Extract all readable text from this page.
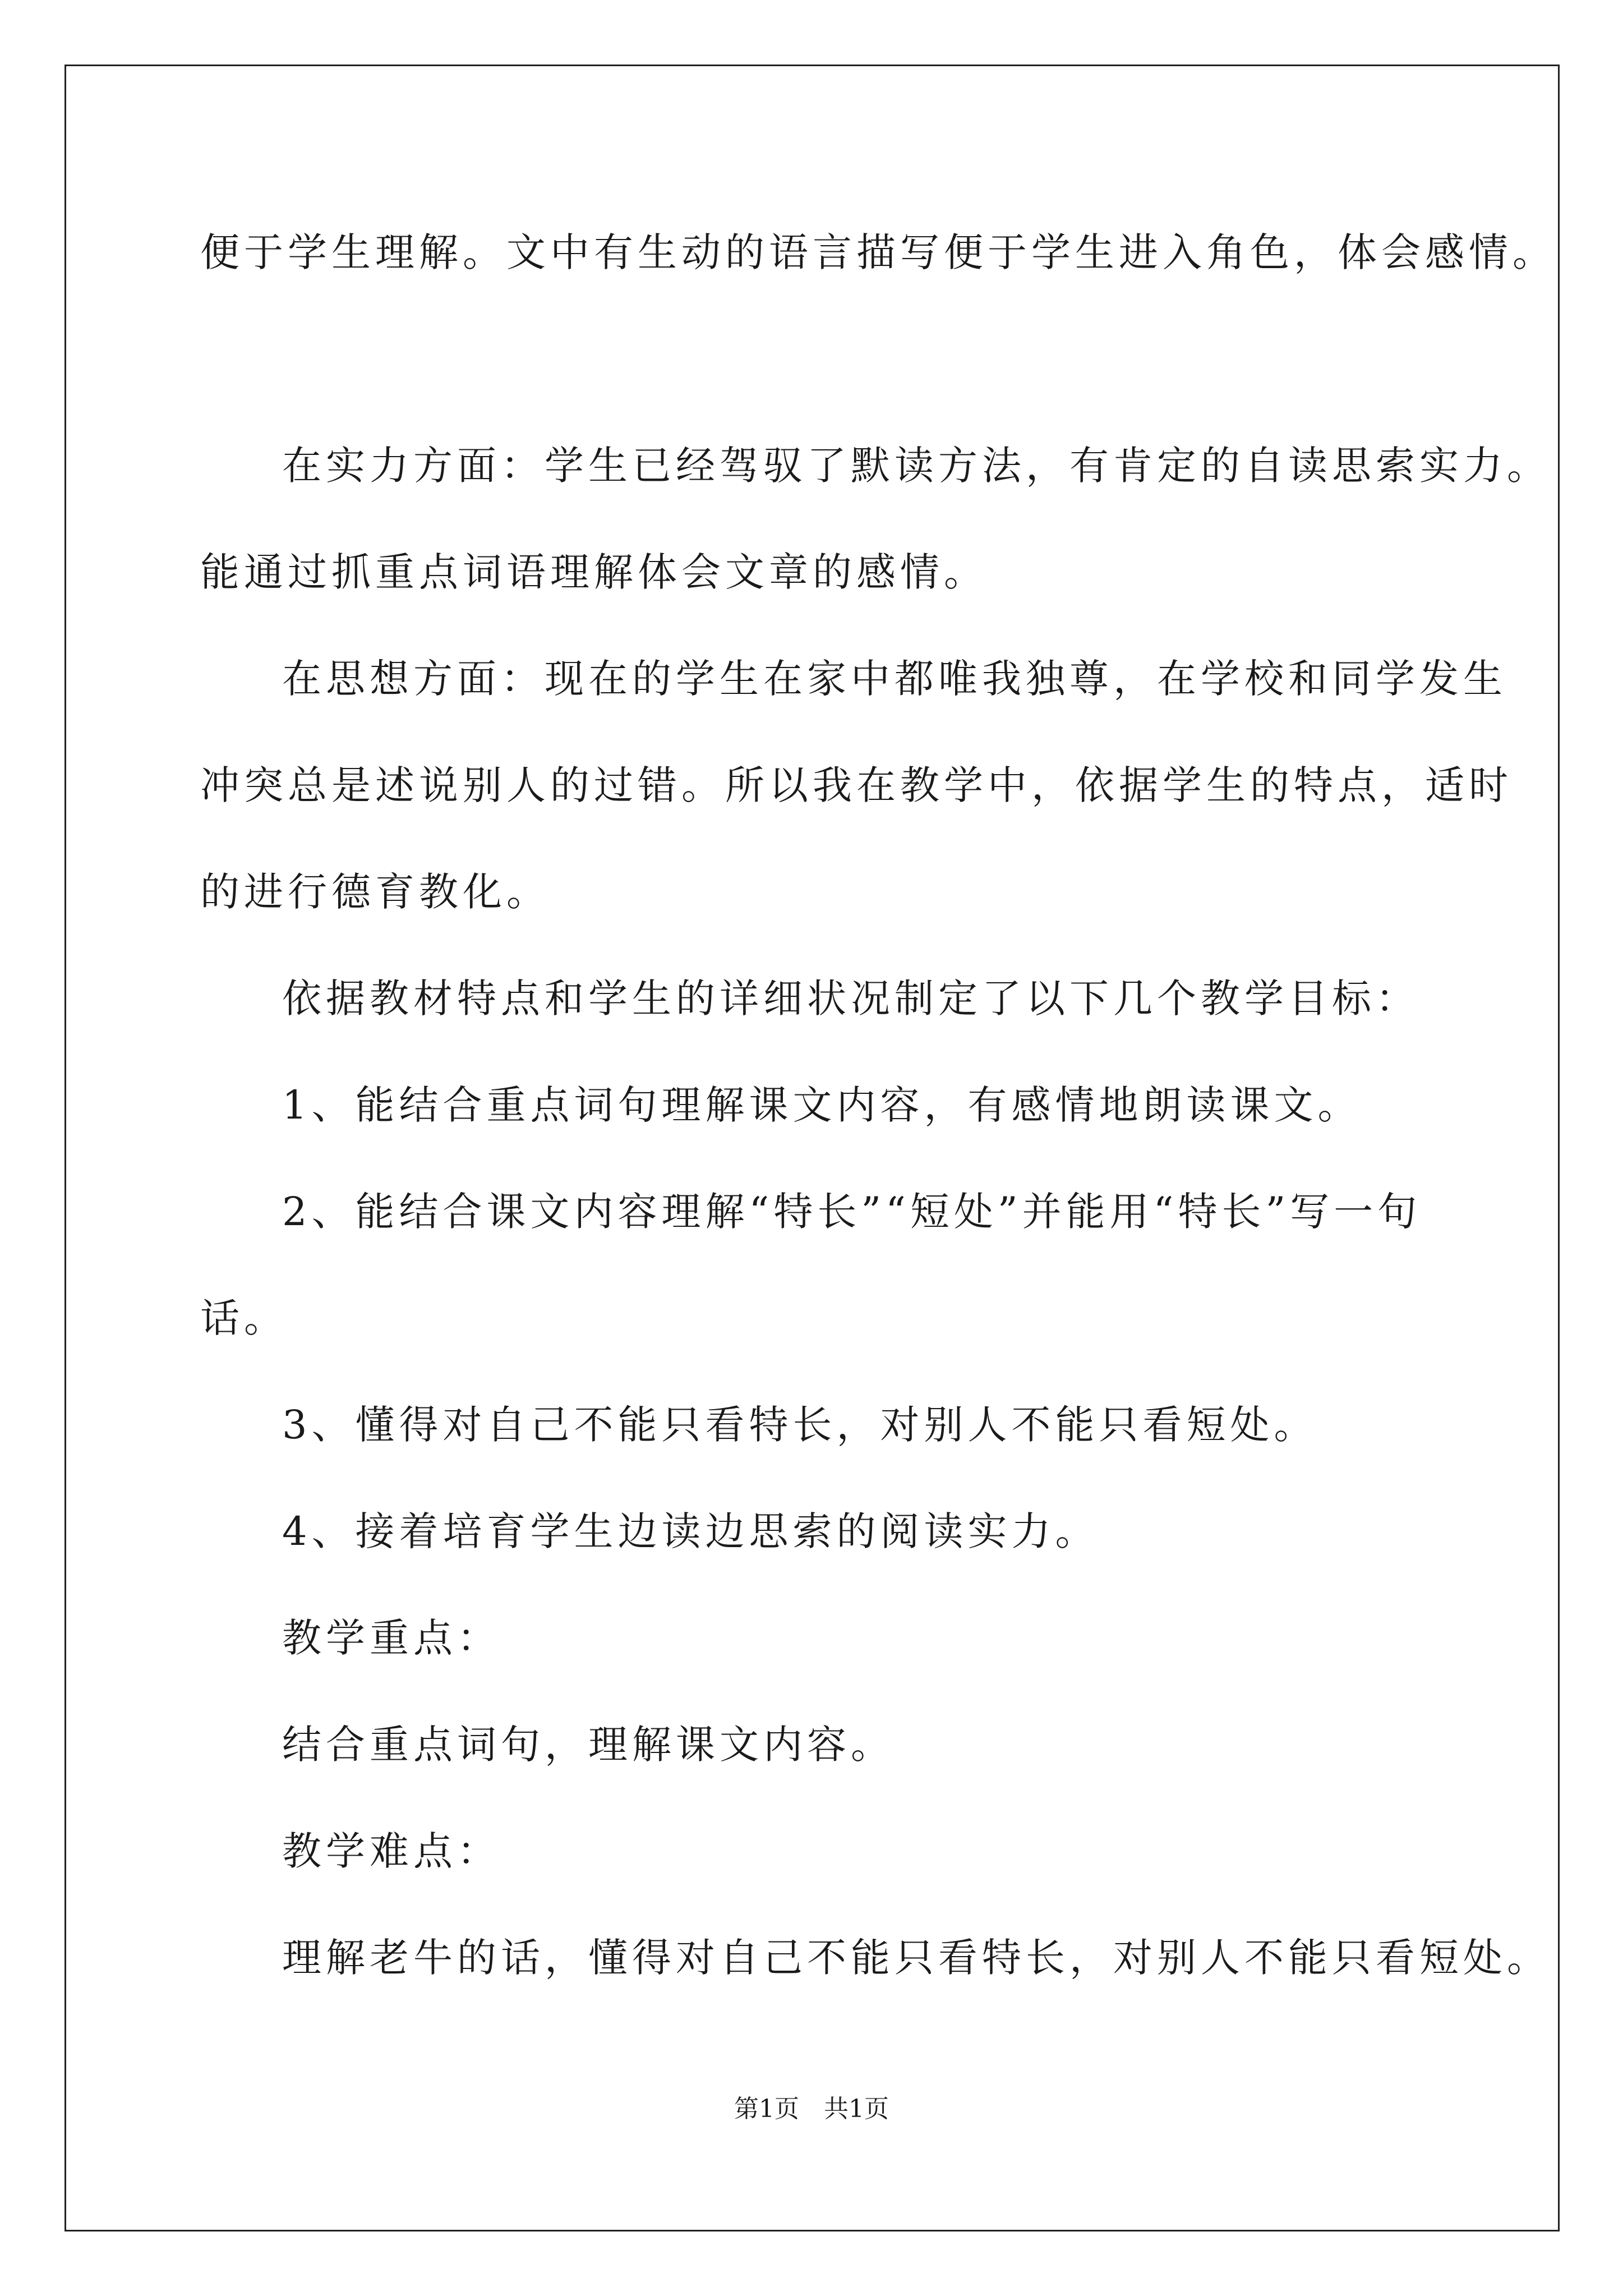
便于学生理解。文中有生动的语言描写便于学生进入角色，体会感情。
在实力方面：学生已经驾驭了默读方法，有肯定的自读思索实力。
能通过抓重点词语理解体会文章的感情。
在思想方面：现在的学生在家中都唯我独尊，在学校和同学发生
冲突总是述说别人的过错。所以我在教学中，依据学生的特点，适时
的进行德育教化。
依据教材特点和学生的详细状况制定了以下几个教学目标：
1、能结合重点词句理解课文内容，有感情地朗读课文。
2、能结合课文内容理解“特长”“短处”并能用“特长”写一句
话。
3、懂得对自己不能只看特长，对别人不能只看短处。
4、接着培育学生边读边思索的阅读实力。
教学重点：
结合重点词句，理解课文内容。
教学难点：
理解老牛的话，懂得对自己不能只看特长，对别人不能只看短处。
第1页　共1页
